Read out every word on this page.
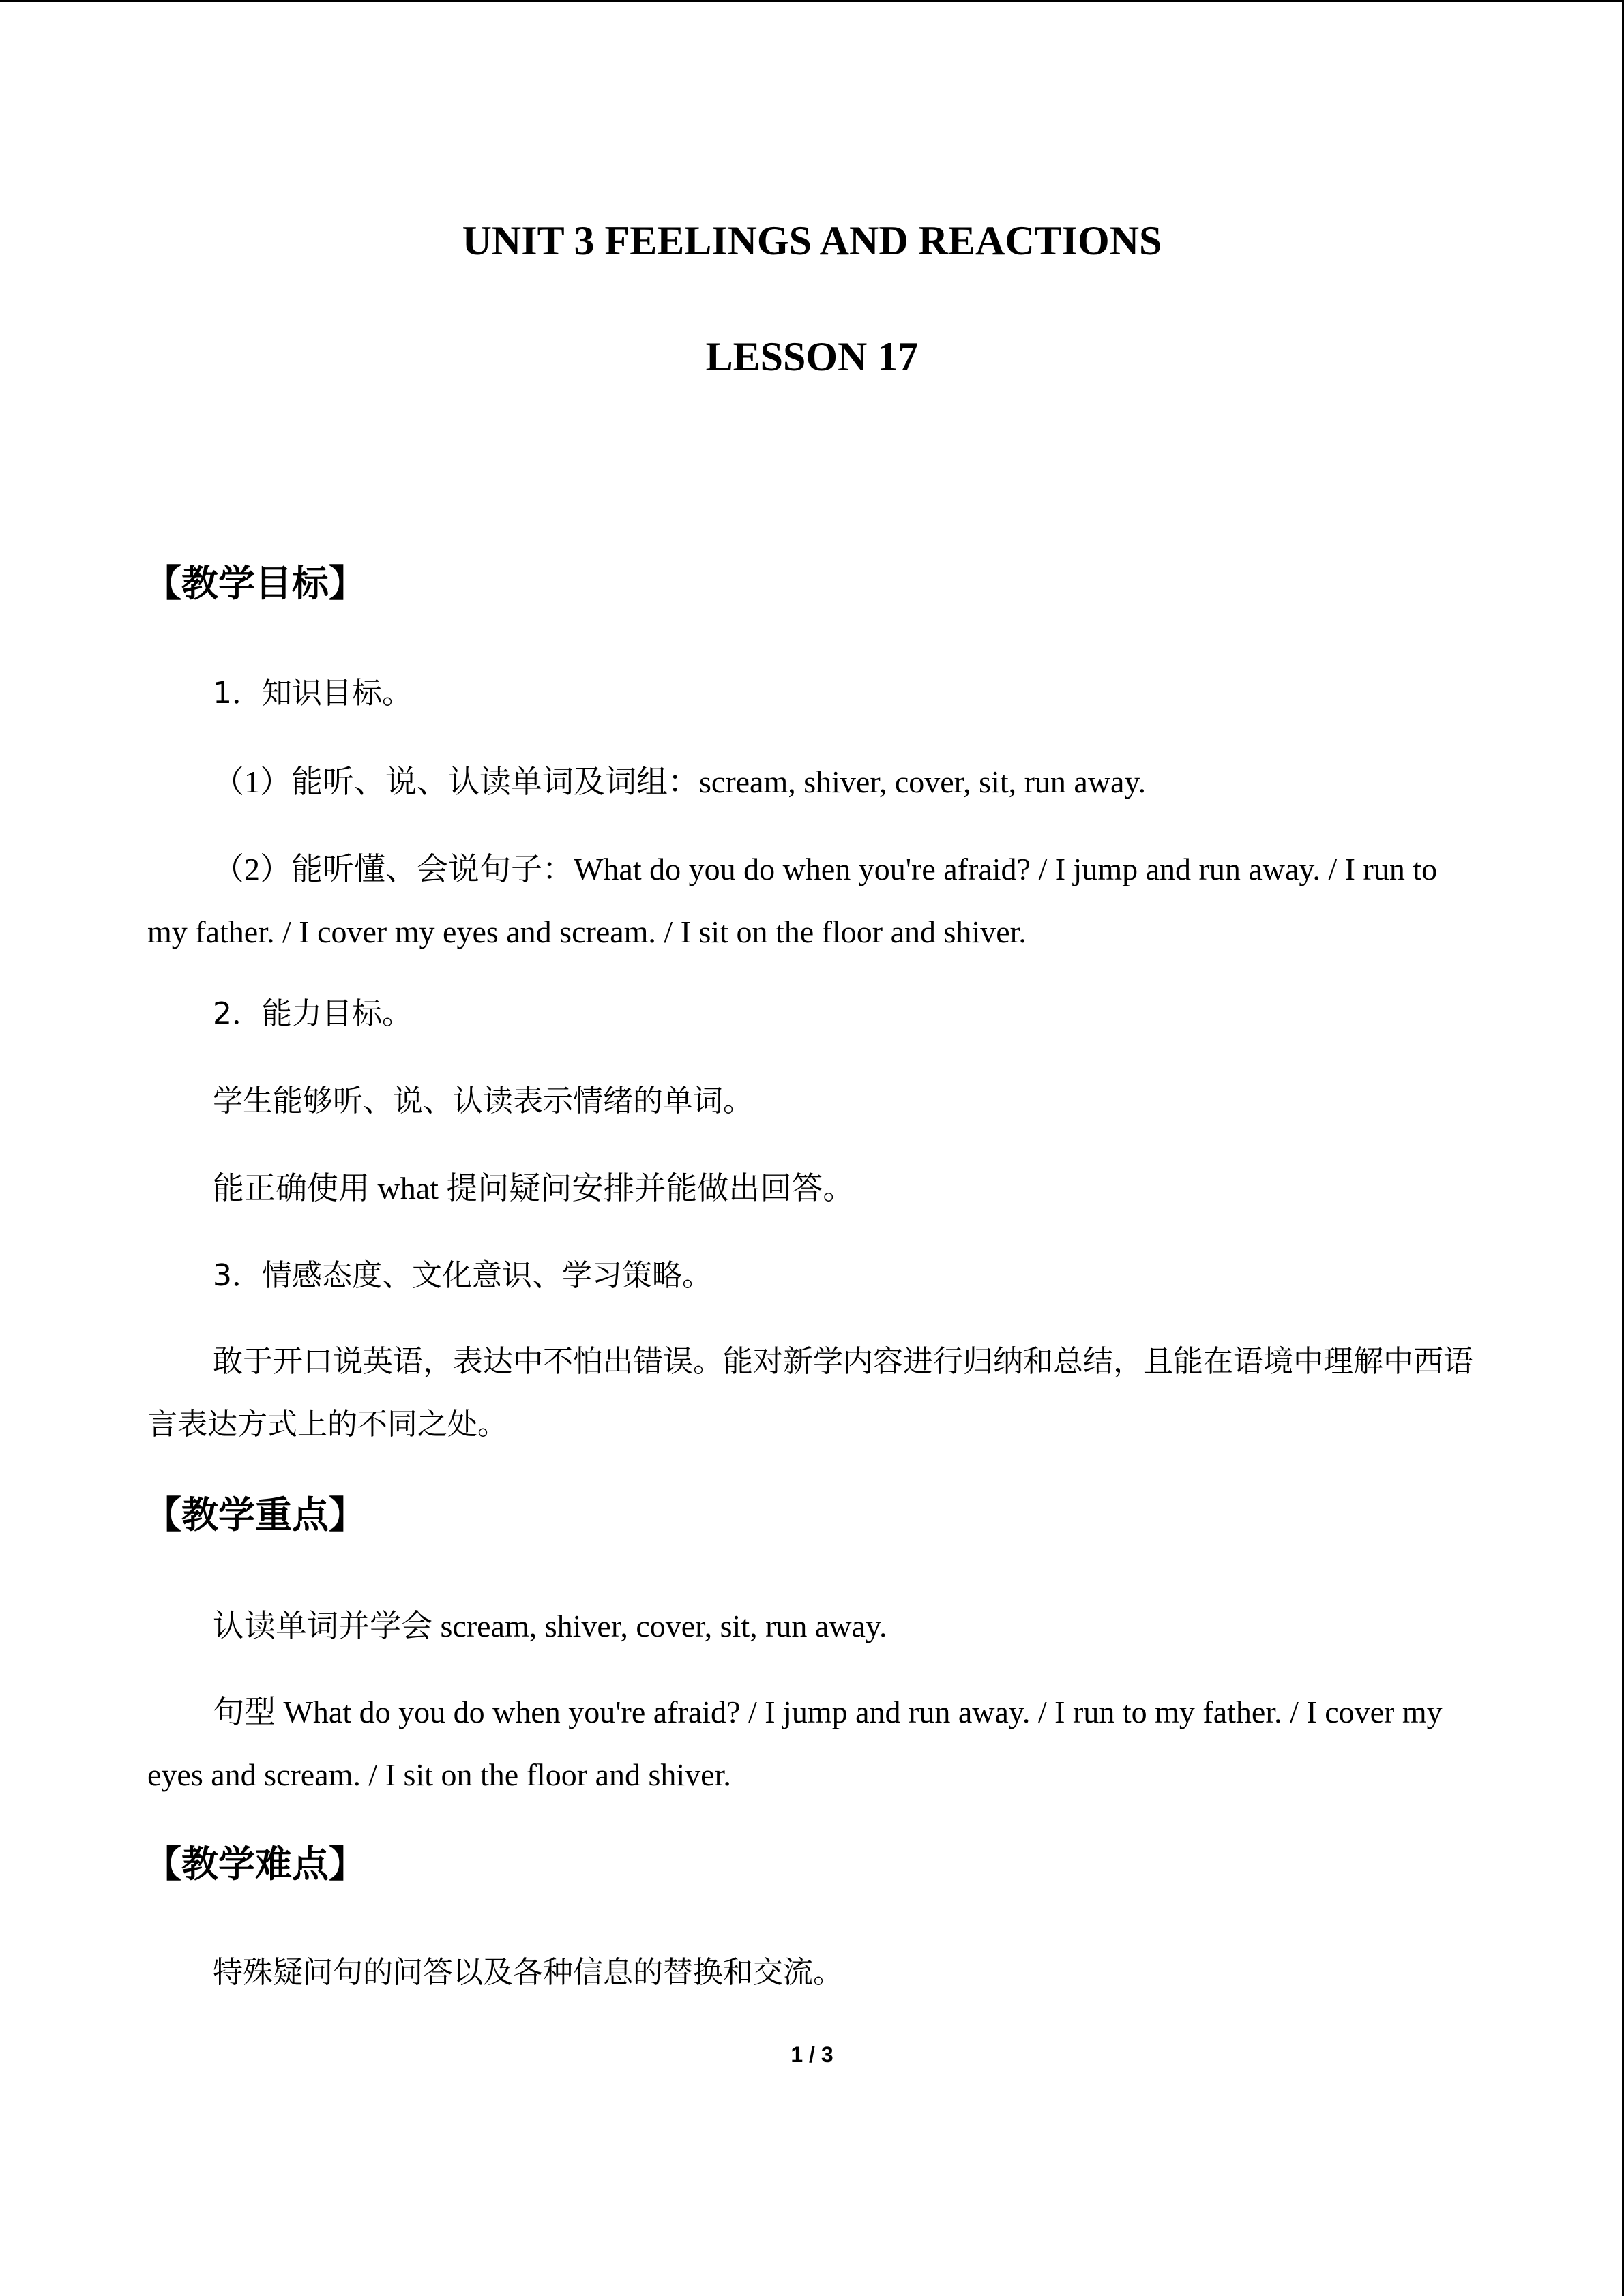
UNIT 3 FEELINGS AND REACTIONS
LESSON 17
【教学目标】

1．知识目标。

（1）能听、说、认读单词及词组：scream, shiver, cover, sit, run away.

（2）能听懂、会说句子：What do you do when you're afraid? / I jump and run away. / I run to my father. / I cover my eyes and scream. / I sit on the floor and shiver.

2．能力目标。

学生能够听、说、认读表示情绪的单词。

能正确使用 what 提问疑问安排并能做出回答。

3．情感态度、文化意识、学习策略。

敢于开口说英语，表达中不怕出错误。能对新学内容进行归纳和总结，且能在语境中理解中西语言表达方式上的不同之处。

【教学重点】

认读单词并学会 scream, shiver, cover, sit, run away.

句型 What do you do when you're afraid? / I jump and run away. / I run to my father. / I cover my eyes and scream. / I sit on the floor and shiver.

【教学难点】

特殊疑问句的问答以及各种信息的替换和交流。

1 / 3
